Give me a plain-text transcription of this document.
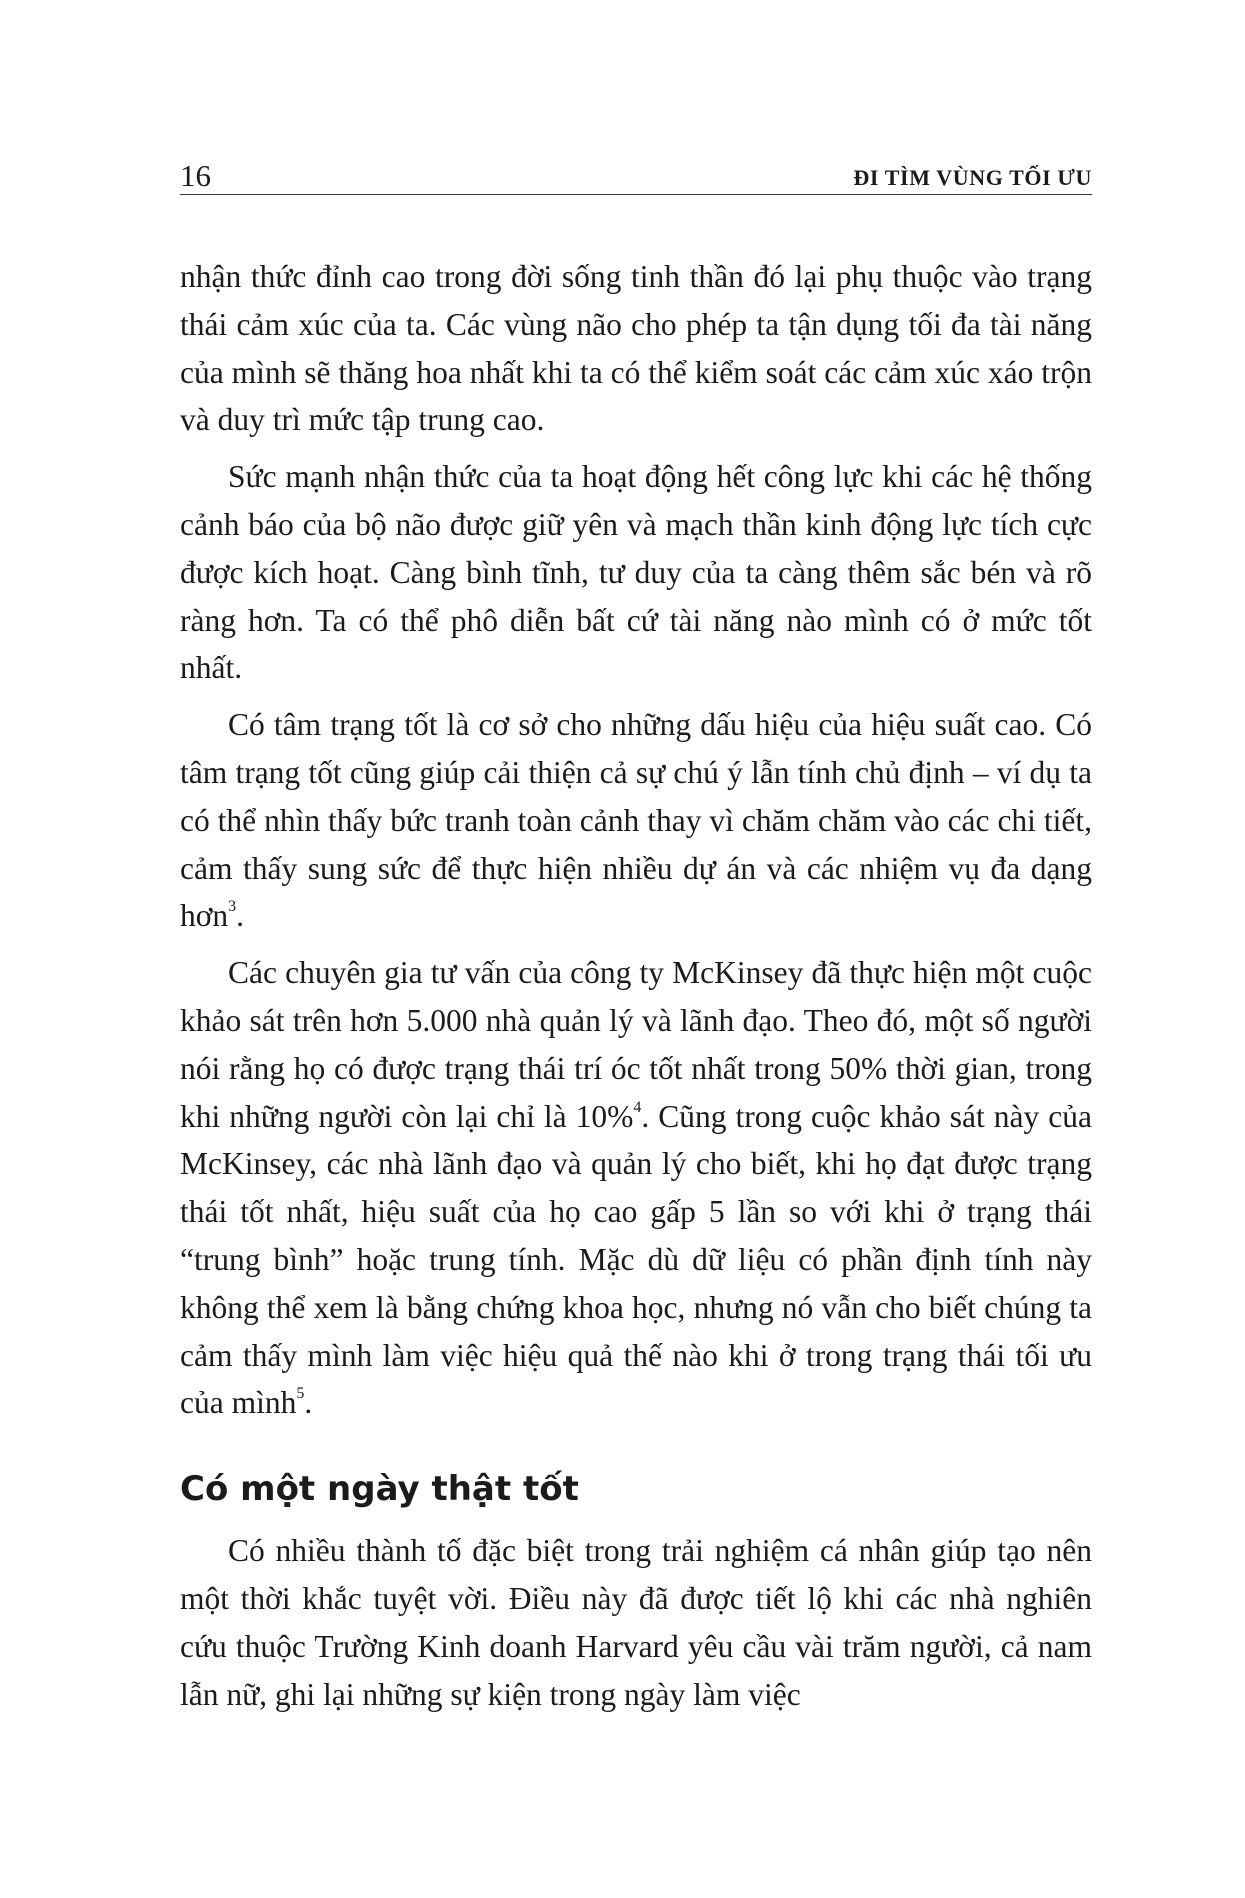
16	ĐI TÌM VÙNG TỐI ƯU

nhận thức đỉnh cao trong đời sống tinh thần đó lại phụ thuộc vào trạng thái cảm xúc của ta. Các vùng não cho phép ta tận dụng tối đa tài năng của mình sẽ thăng hoa nhất khi ta có thể kiểm soát các cảm xúc xáo trộn và duy trì mức tập trung cao.

Sức mạnh nhận thức của ta hoạt động hết công lực khi các hệ thống cảnh báo của bộ não được giữ yên và mạch thần kinh động lực tích cực được kích hoạt. Càng bình tĩnh, tư duy của ta càng thêm sắc bén và rõ ràng hơn. Ta có thể phô diễn bất cứ tài năng nào mình có ở mức tốt nhất.

Có tâm trạng tốt là cơ sở cho những dấu hiệu của hiệu suất cao. Có tâm trạng tốt cũng giúp cải thiện cả sự chú ý lẫn tính chủ định – ví dụ ta có thể nhìn thấy bức tranh toàn cảnh thay vì chăm chăm vào các chi tiết, cảm thấy sung sức để thực hiện nhiều dự án và các nhiệm vụ đa dạng hơn$^3$.

Các chuyên gia tư vấn của công ty McKinsey đã thực hiện một cuộc khảo sát trên hơn 5.000 nhà quản lý và lãnh đạo. Theo đó, một số người nói rằng họ có được trạng thái trí óc tốt nhất trong 50% thời gian, trong khi những người còn lại chỉ là 10%$^4$. Cũng trong cuộc khảo sát này của McKinsey, các nhà lãnh đạo và quản lý cho biết, khi họ đạt được trạng thái tốt nhất, hiệu suất của họ cao gấp 5 lần so với khi ở trạng thái “trung bình” hoặc trung tính. Mặc dù dữ liệu có phần định tính này không thể xem là bằng chứng khoa học, nhưng nó vẫn cho biết chúng ta cảm thấy mình làm việc hiệu quả thế nào khi ở trong trạng thái tối ưu của mình$^5$.

Có một ngày thật tốt

Có nhiều thành tố đặc biệt trong trải nghiệm cá nhân giúp tạo nên một thời khắc tuyệt vời. Điều này đã được tiết lộ khi các nhà nghiên cứu thuộc Trường Kinh doanh Harvard yêu cầu vài trăm người, cả nam lẫn nữ, ghi lại những sự kiện trong ngày làm việc
